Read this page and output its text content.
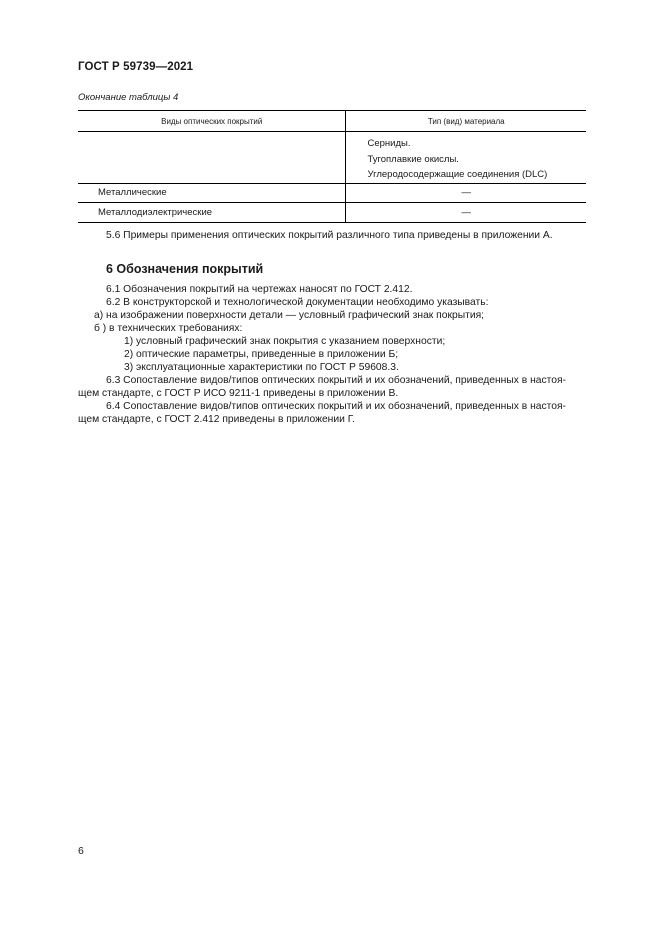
ГОСТ Р 59739—2021
Окончание таблицы 4
Виды оптических покрытий	Тип (вид) материала

	Серниды.
Тугоплавкие окислы.
Углеродосодержащие соединения (DLC)

Металлические	—
Металлодиэлектрические	—
5.6 Примеры применения оптических покрытий различного типа приведены в приложении А.
6 Обозначения покрытий
6.1 Обозначения покрытий на чертежах наносят по ГОСТ 2.412.
6.2 В конструкторской и технологической документации необходимо указывать:
а) на изображении поверхности детали — условный графический знак покрытия;
б ) в технических требованиях:
1) условный графический знак покрытия с указанием поверхности;
2) оптические параметры, приведенные в приложении Б;
3) эксплуатационные характеристики по ГОСТ Р 59608.3.
6.3 Сопоставление видов/типов оптических покрытий и их обозначений, приведенных в настоя-
щем стандарте, с ГОСТ Р ИСО 9211-1 приведены в приложении В.
6.4 Сопоставление видов/типов оптических покрытий и их обозначений, приведенных в настоя-
щем стандарте, с ГОСТ 2.412 приведены в приложении Г.
6
